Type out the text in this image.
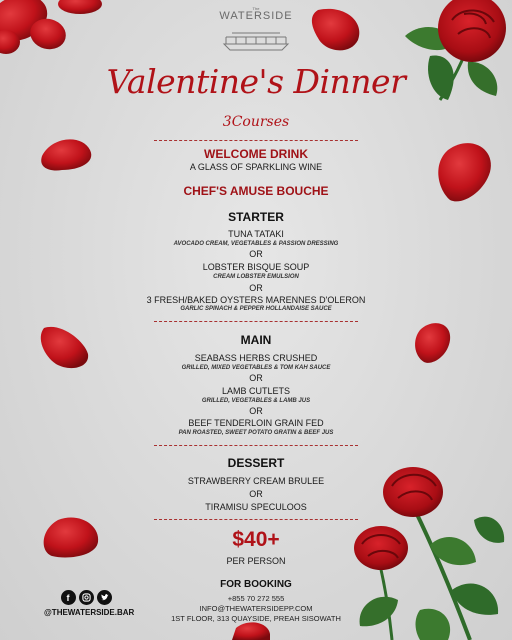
The
WATERSIDE
Valentine's Dinner
3Courses
WELCOME DRINK
A GLASS OF SPARKLING WINE
CHEF'S AMUSE BOUCHE
STARTER
TUNA TATAKI
AVOCADO CREAM, VEGETABLES & PASSION DRESSING
OR
LOBSTER BISQUE SOUP
CREAM LOBSTER EMULSION
OR
3 FRESH/BAKED OYSTERS MARENNES D'OLERON
GARLIC SPINACH & PEPPER HOLLANDAISE SAUCE
MAIN
SEABASS HERBS CRUSHED
GRILLED, MIXED VEGETABLES & TOM KAH SAUCE
OR
LAMB CUTLETS
GRILLED, VEGETABLES & LAMB JUS
OR
BEEF TENDERLOIN GRAIN FED
PAN ROASTED, SWEET POTATO GRATIN & BEEF JUS
DESSERT
STRAWBERRY CREAM BRULEE
OR
TIRAMISU SPECULOOS
$40+
PER PERSON
FOR BOOKING
+855 70 272 555
INFO@THEWATERSIDEPP.COM
1ST FLOOR, 313 QUAYSIDE, PREAH SISOWATH
f
@THEWATERSIDE.BAR
